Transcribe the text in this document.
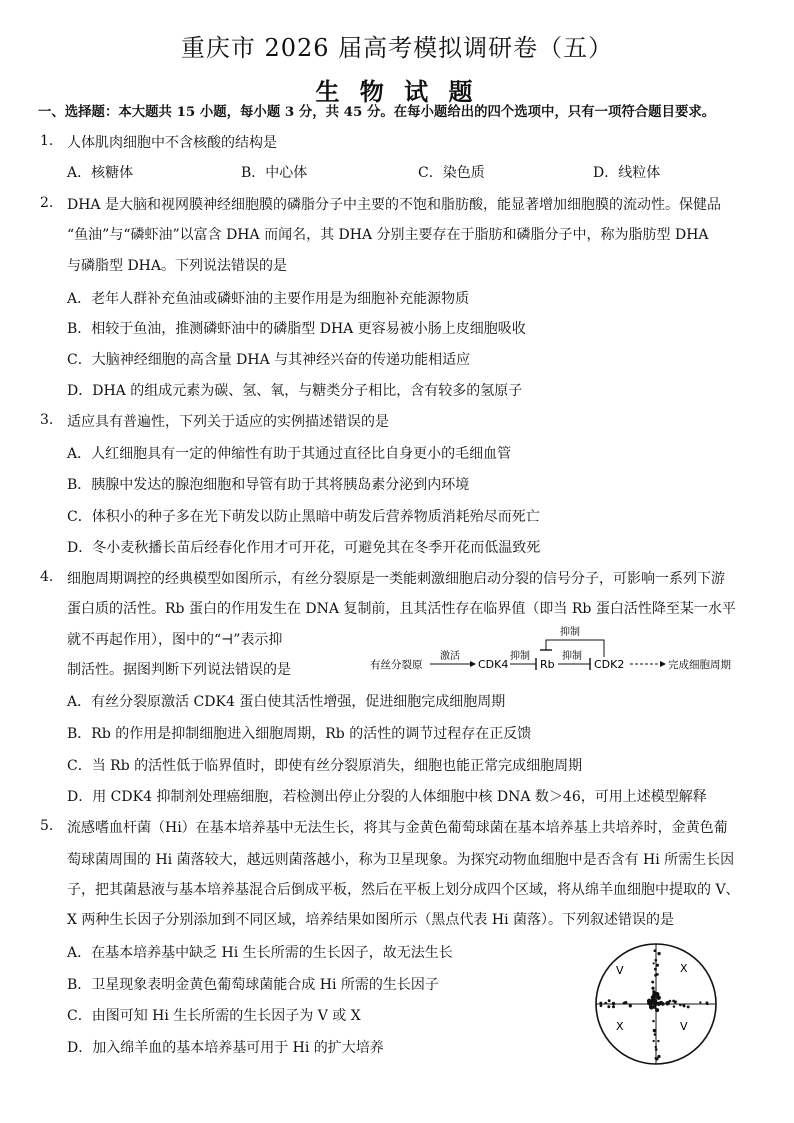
重庆市 2026 届高考模拟调研卷（五）
生 物 试 题
一、选择题：本大题共 15 小题，每小题 3 分，共 45 分。在每小题给出的四个选项中，只有一项符合题目要求。
1. 人体肌肉细胞中不含核酸的结构是
A．核糖体	B．中心体	C．染色质	D．线粒体
2. DHA 是大脑和视网膜神经细胞膜的磷脂分子中主要的不饱和脂肪酸，能显著增加细胞膜的流动性。保健品
“鱼油”与“磷虾油”以富含 DHA 而闻名，其 DHA 分别主要存在于脂肪和磷脂分子中，称为脂肪型 DHA
与磷脂型 DHA。下列说法错误的是
A．老年人群补充鱼油或磷虾油的主要作用是为细胞补充能源物质
B．相较于鱼油，推测磷虾油中的磷脂型 DHA 更容易被小肠上皮细胞吸收
C．大脑神经细胞的高含量 DHA 与其神经兴奋的传递功能相适应
D．DHA 的组成元素为碳、氢、氧，与糖类分子相比，含有较多的氢原子
3. 适应具有普遍性，下列关于适应的实例描述错误的是
A．人红细胞具有一定的伸缩性有助于其通过直径比自身更小的毛细血管
B．胰腺中发达的腺泡细胞和导管有助于其将胰岛素分泌到内环境
C．体积小的种子多在光下萌发以防止黑暗中萌发后营养物质消耗殆尽而死亡
D．冬小麦秋播长苗后经春化作用才可开花，可避免其在冬季开花而低温致死
4. 细胞周期调控的经典模型如图所示，有丝分裂原是一类能刺激细胞启动分裂的信号分子，可影响一系列下游
蛋白质的活性。Rb 蛋白的作用发生在 DNA 复制前，且其活性存在临界值（即当 Rb 蛋白活性降至某一水平
就不再起作用），图中的“⊣”表示抑
制活性。据图判断下列说法错误的是	有丝分裂原
激活
CDK4
抑制
Rb
抑制
CDK2
抑制
完成细胞周期
A．有丝分裂原激活 CDK4 蛋白使其活性增强，促进细胞完成细胞周期
B．Rb 的作用是抑制细胞进入细胞周期，Rb 的活性的调节过程存在正反馈
C．当 Rb 的活性低于临界值时，即使有丝分裂原消失，细胞也能正常完成细胞周期
D．用 CDK4 抑制剂处理癌细胞，若检测出停止分裂的人体细胞中核 DNA 数＞46，可用上述模型解释
5. 流感嗜血杆菌（Hi）在基本培养基中无法生长，将其与金黄色葡萄球菌在基本培养基上共培养时，金黄色葡
萄球菌周围的 Hi 菌落较大，越远则菌落越小，称为卫星现象。为探究动物血细胞中是否含有 Hi 所需生长因
子，把其菌悬液与基本培养基混合后倒成平板，然后在平板上划分成四个区域，将从绵羊血细胞中提取的 V、
X 两种生长因子分别添加到不同区域，培养结果如图所示（黑点代表 Hi 菌落）。下列叙述错误的是
A．在基本培养基中缺乏 Hi 生长所需的生长因子，故无法生长
B．卫星现象表明金黄色葡萄球菌能合成 Hi 所需的生长因子
C．由图可知 Hi 生长所需的生长因子为 V 或 X
D．加入绵羊血的基本培养基可用于 Hi 的扩大培养
V	X
X	V
